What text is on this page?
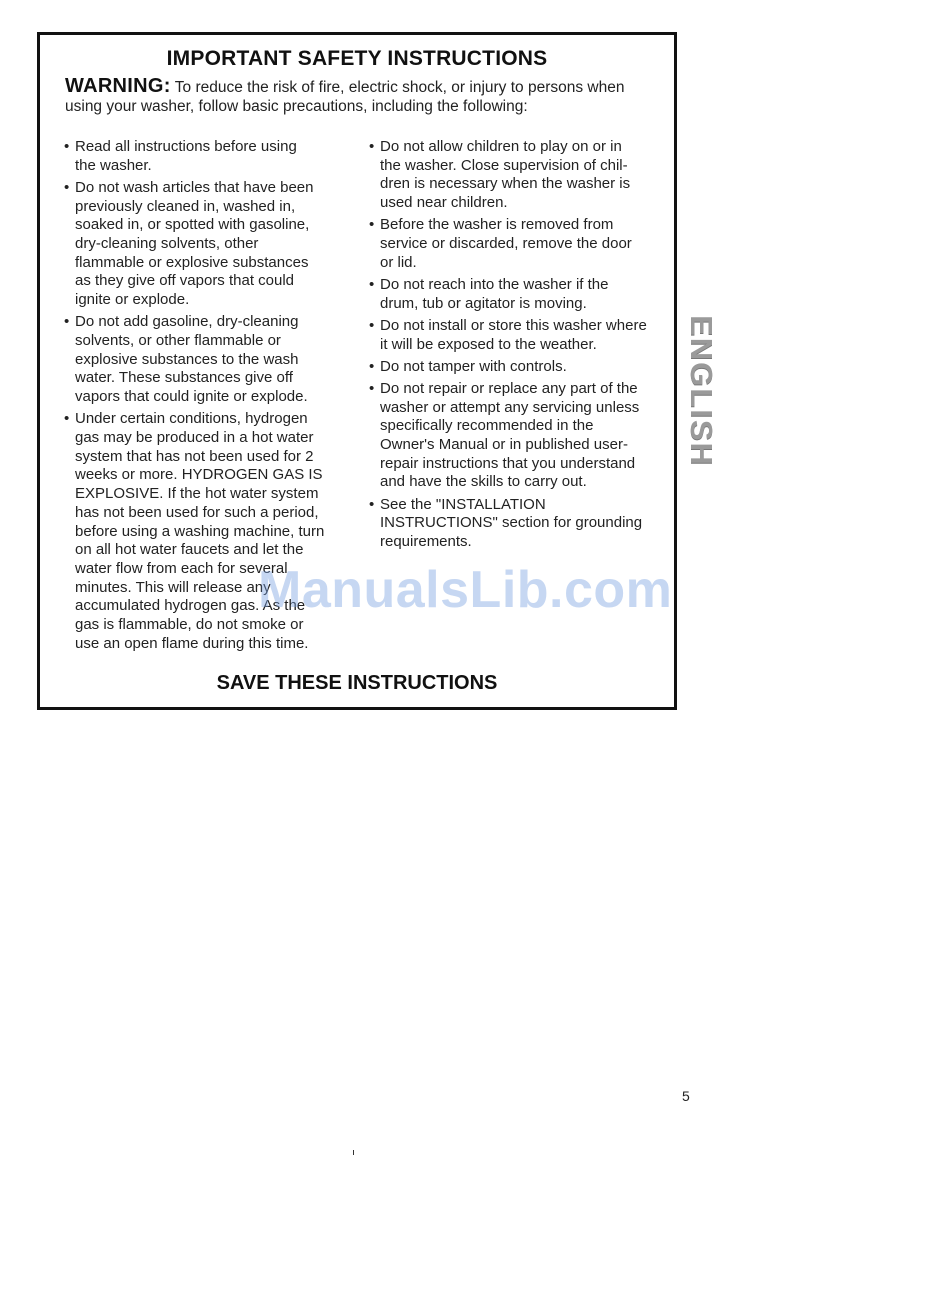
IMPORTANT SAFETY INSTRUCTIONS
WARNING: To reduce the risk of fire, electric shock, or injury to persons when using your washer, follow basic precautions, including the following:
• Read all instructions before using
the washer.
• Do not wash articles that have been
previously cleaned in, washed in,
soaked in, or spotted with gasoline,
dry-cleaning solvents, other
flammable or explosive substances
as they give off vapors that could
ignite or explode.
• Do not add gasoline, dry-cleaning
solvents, or other flammable or
explosive substances to the wash
water. These substances give off
vapors that could ignite or explode.
• Under certain conditions, hydrogen
gas may be produced in a hot water
system that has not been used for 2
weeks or more. HYDROGEN GAS IS
EXPLOSIVE. If the hot water system
has not been used for such a period,
before using a washing machine, turn
on all hot water faucets and let the
water flow from each for several
minutes. This will release any
accumulated hydrogen gas. As the
gas is flammable, do not smoke or
use an open flame during this time.
• Do not allow children to play on or in
the washer. Close supervision of chil-
dren is necessary when the washer is
used near children.
• Before the washer is removed from
service or discarded, remove the door
or lid.
• Do not reach into the washer if the
drum, tub or agitator is moving.
• Do not install or store this washer where
it will be exposed to the weather.
• Do not tamper with controls.
• Do not repair or replace any part of the
washer or attempt any servicing unless
specifically recommended in the
Owner's Manual or in published user-
repair instructions that you understand
and have the skills to carry out.
• See the "INSTALLATION
INSTRUCTIONS" section for grounding
requirements.
SAVE THESE INSTRUCTIONS
ManualsLib.com
ENGLISH
5
